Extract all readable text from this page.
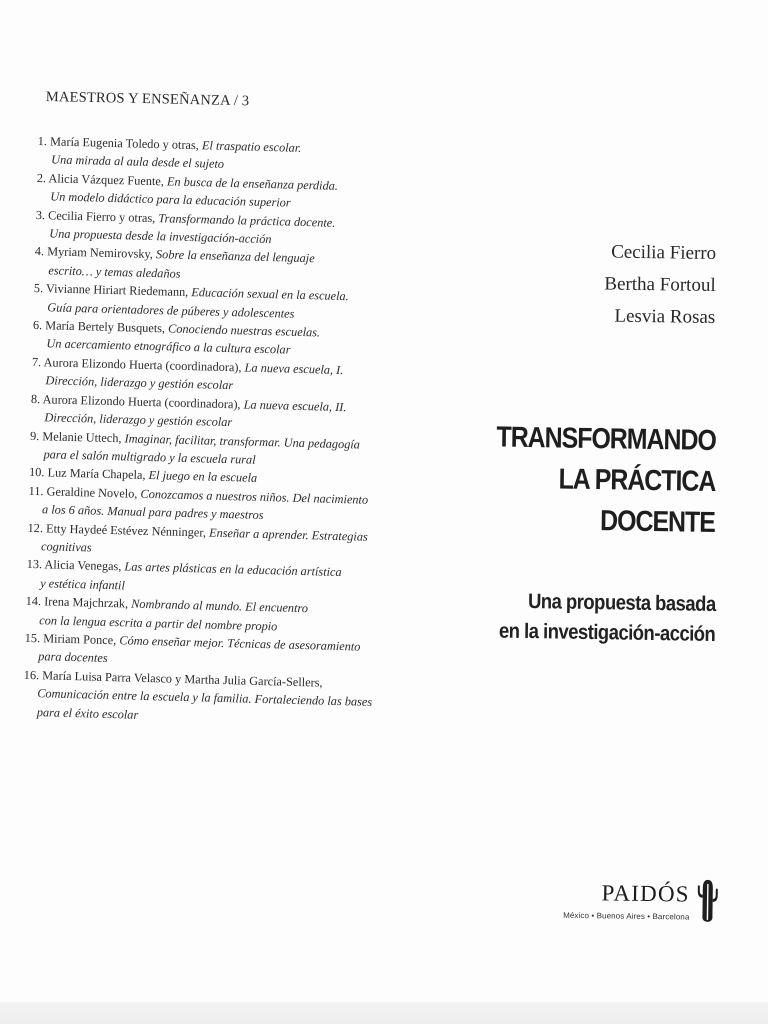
MAESTROS Y ENSEÑANZA / 3
1. María Eugenia Toledo y otras, El traspatio escolar.
Una mirada al aula desde el sujeto
2. Alicia Vázquez Fuente, En busca de la enseñanza perdida.
Un modelo didáctico para la educación superior
3. Cecilia Fierro y otras, Transformando la práctica docente.
Una propuesta desde la investigación-acción
4. Myriam Nemirovsky, Sobre la enseñanza del lenguaje
escrito… y temas aledaños
5. Vivianne Hiriart Riedemann, Educación sexual en la escuela.
Guía para orientadores de púberes y adolescentes
6. María Bertely Busquets, Conociendo nuestras escuelas.
Un acercamiento etnográfico a la cultura escolar
7. Aurora Elizondo Huerta (coordinadora), La nueva escuela, I.
Dirección, liderazgo y gestión escolar
8. Aurora Elizondo Huerta (coordinadora), La nueva escuela, II.
Dirección, liderazgo y gestión escolar
9. Melanie Uttech, Imaginar, facilitar, transformar. Una pedagogía
para el salón multigrado y la escuela rural
10. Luz María Chapela, El juego en la escuela
11. Geraldine Novelo, Conozcamos a nuestros niños. Del nacimiento
a los 6 años. Manual para padres y maestros
12. Etty Haydeé Estévez Nénninger, Enseñar a aprender. Estrategias
cognitivas
13. Alicia Venegas, Las artes plásticas en la educación artística
y estética infantil
14. Irena Majchrzak, Nombrando al mundo. El encuentro
con la lengua escrita a partir del nombre propio
15. Miriam Ponce, Cómo enseñar mejor. Técnicas de asesoramiento
para docentes
16. María Luisa Parra Velasco y Martha Julia García-Sellers,
Comunicación entre la escuela y la familia. Fortaleciendo las bases
para el éxito escolar
Cecilia Fierro
Bertha Fortoul
Lesvia Rosas
TRANSFORMANDO
LA PRÁCTICA
DOCENTE
Una propuesta basada
en la investigación-acción
PAIDÓS
México • Buenos Aires • Barcelona
